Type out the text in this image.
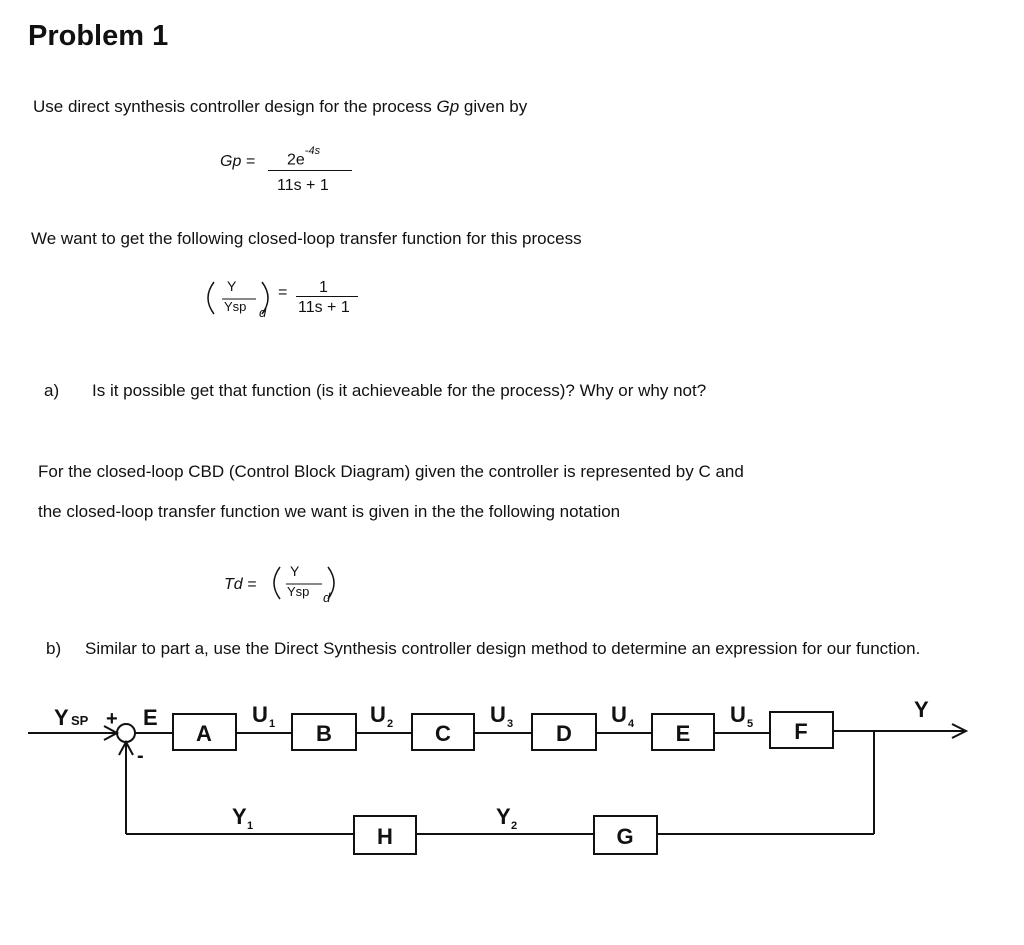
Problem 1
Use direct synthesis controller design for the process Gp given by
$Gp = 2e^{-4s}$
11s + 1
We want to get the following closed-loop transfer function for this process
Y
Ysp d
= 1
11s + 1
a) Is it possible get that function (is it achieveable for the process)? Why or why not?
For the closed-loop CBD (Control Block Diagram) given the controller is represented by C and
the closed-loop transfer function we want is given in the the following notation
Td =
Y
Ysp d
b) Similar to part a, use the Direct Synthesis controller design method to determine an expression for our function.
Y SP +
-
E	Y
A	B	C	D	E	F
H	G
U 1	U 2	U 3	U 4	U 5
Y 1	Y 2
